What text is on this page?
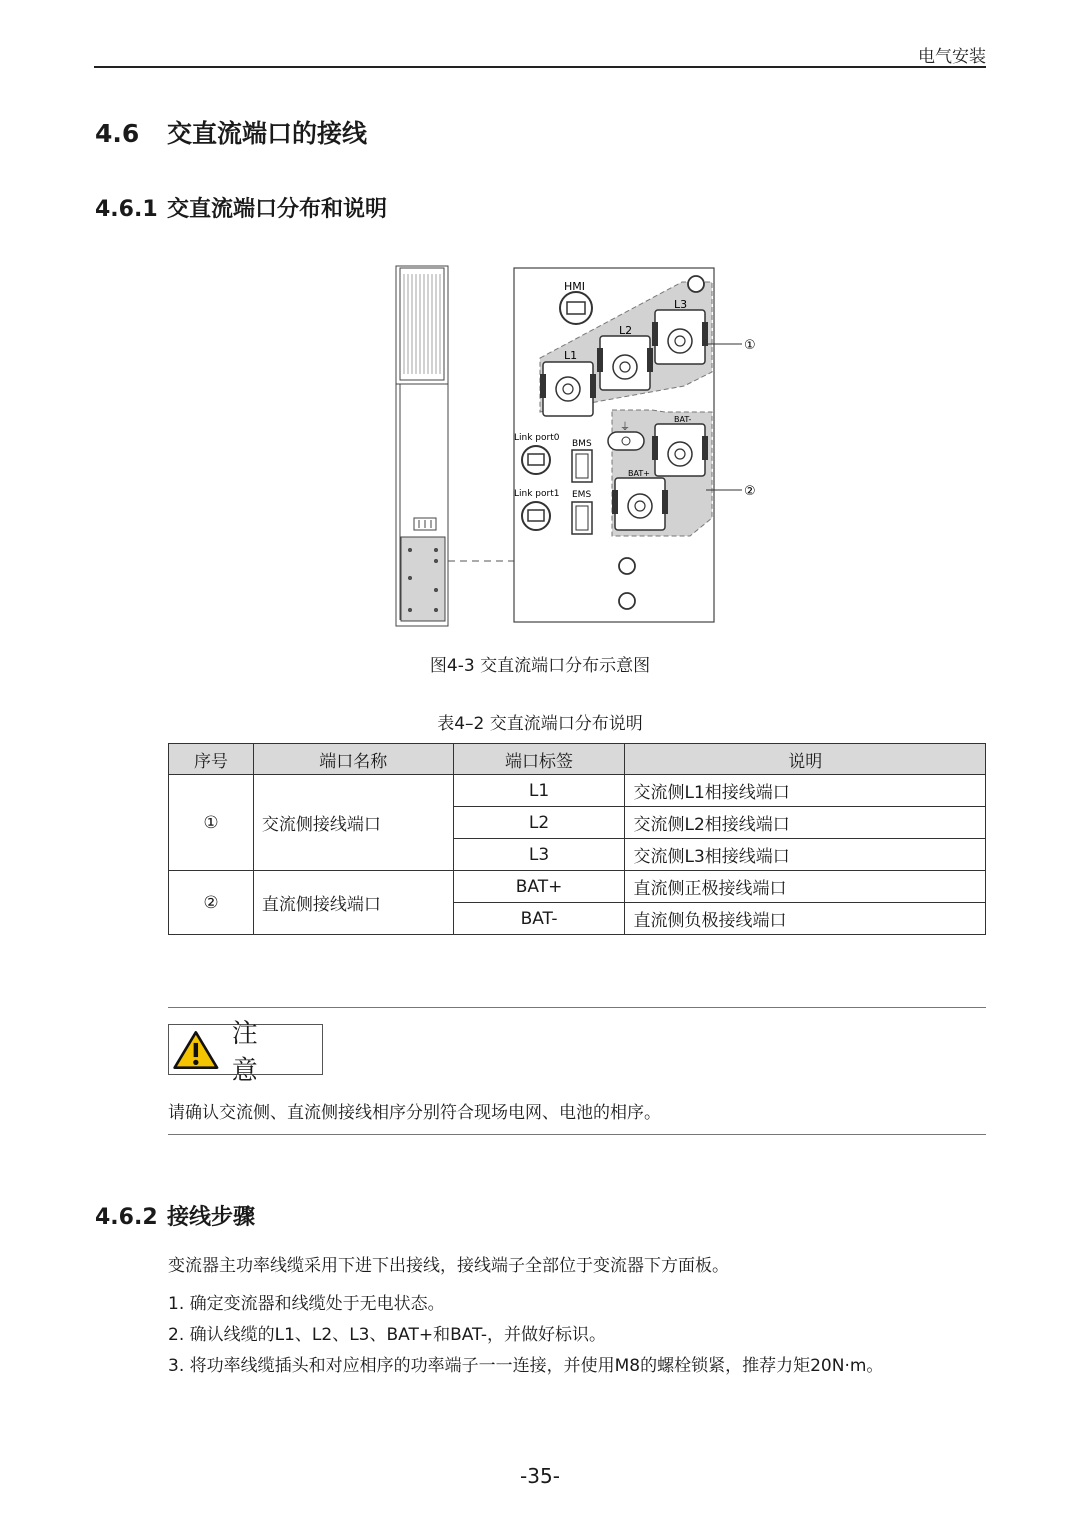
电气安装
4.6 交直流端口的接线
4.6.1 交直流端口分布和说明
HMI
L3
L2
L1
⏚
Link port0
Link port1
BMS
EMS
BAT-
BAT+
①
②
图4-3 交直流端口分布示意图
表4–2 交直流端口分布说明
序号	端口名称	端口标签	说明
①	交流侧接线端口	L1	交流侧L1相接线端口
		L2	交流侧L2相接线端口
		L3	交流侧L3相接线端口
②	直流侧接线端口	BAT+	直流侧正极接线端口
		BAT-	直流侧负极接线端口
注 意
请确认交流侧、直流侧接线相序分别符合现场电网、电池的相序。
4.6.2 接线步骤
变流器主功率线缆采用下进下出接线，接线端子全部位于变流器下方面板。
1. 确定变流器和线缆处于无电状态。
2. 确认线缆的L1、L2、L3、BAT+和BAT-，并做好标识。
3. 将功率线缆插头和对应相序的功率端子一一连接，并使用M8的螺栓锁紧，推荐力矩20N·m。
-35-
